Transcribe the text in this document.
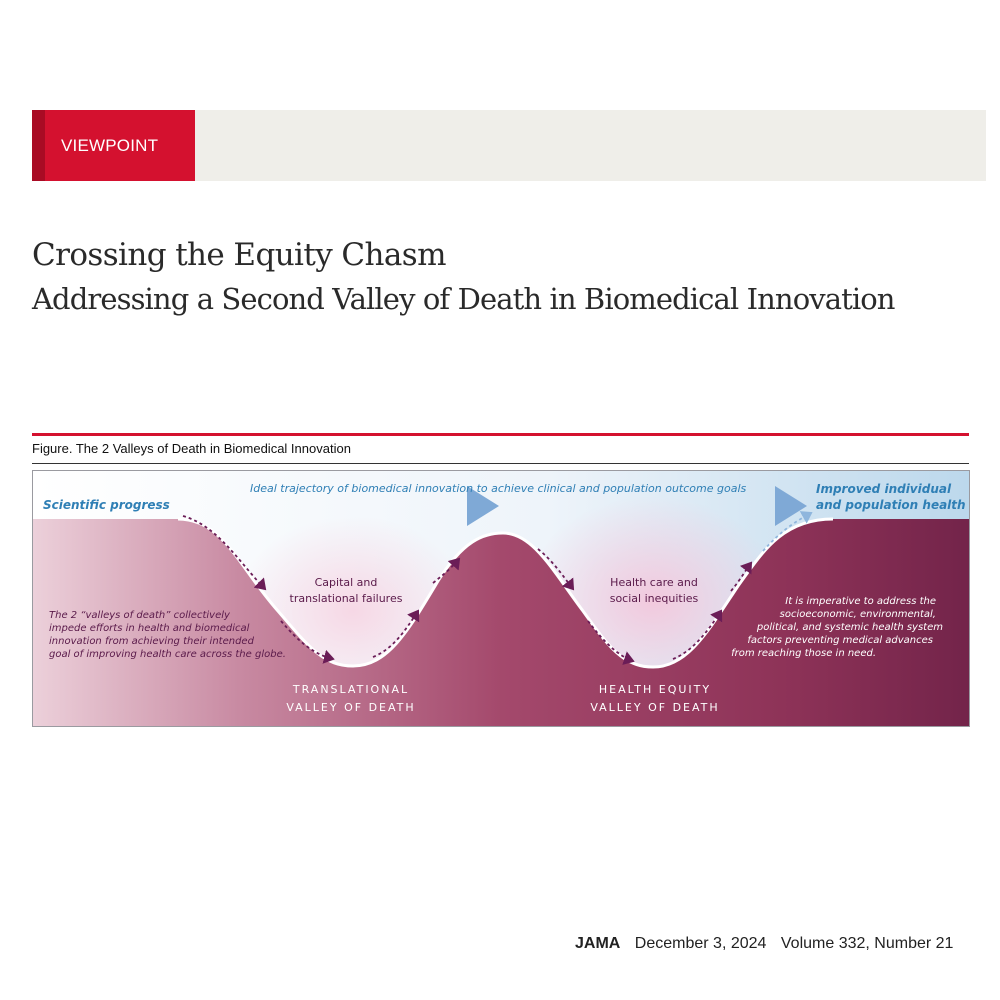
VIEWPOINT
Crossing the Equity Chasm
Addressing a Second Valley of Death in Biomedical Innovation
Figure. The 2 Valleys of Death in Biomedical Innovation
Ideal trajectory of biomedical innovation to achieve clinical and population outcome goals
Scientific progress
Improved individual
and population health
Capital and
translational failures
Health care and
social inequities
TRANSLATIONAL
VALLEY OF DEATH
HEALTH EQUITY
VALLEY OF DEATH
The 2 “valleys of death” collectively
impede efforts in health and biomedical
innovation from achieving their intended
goal of improving health care across the globe.
It is imperative to address the
socioeconomic, environmental,
political, and systemic health system
factors preventing medical advances
from reaching those in need.
JAMA December 3, 2024 Volume 332, Number 21
